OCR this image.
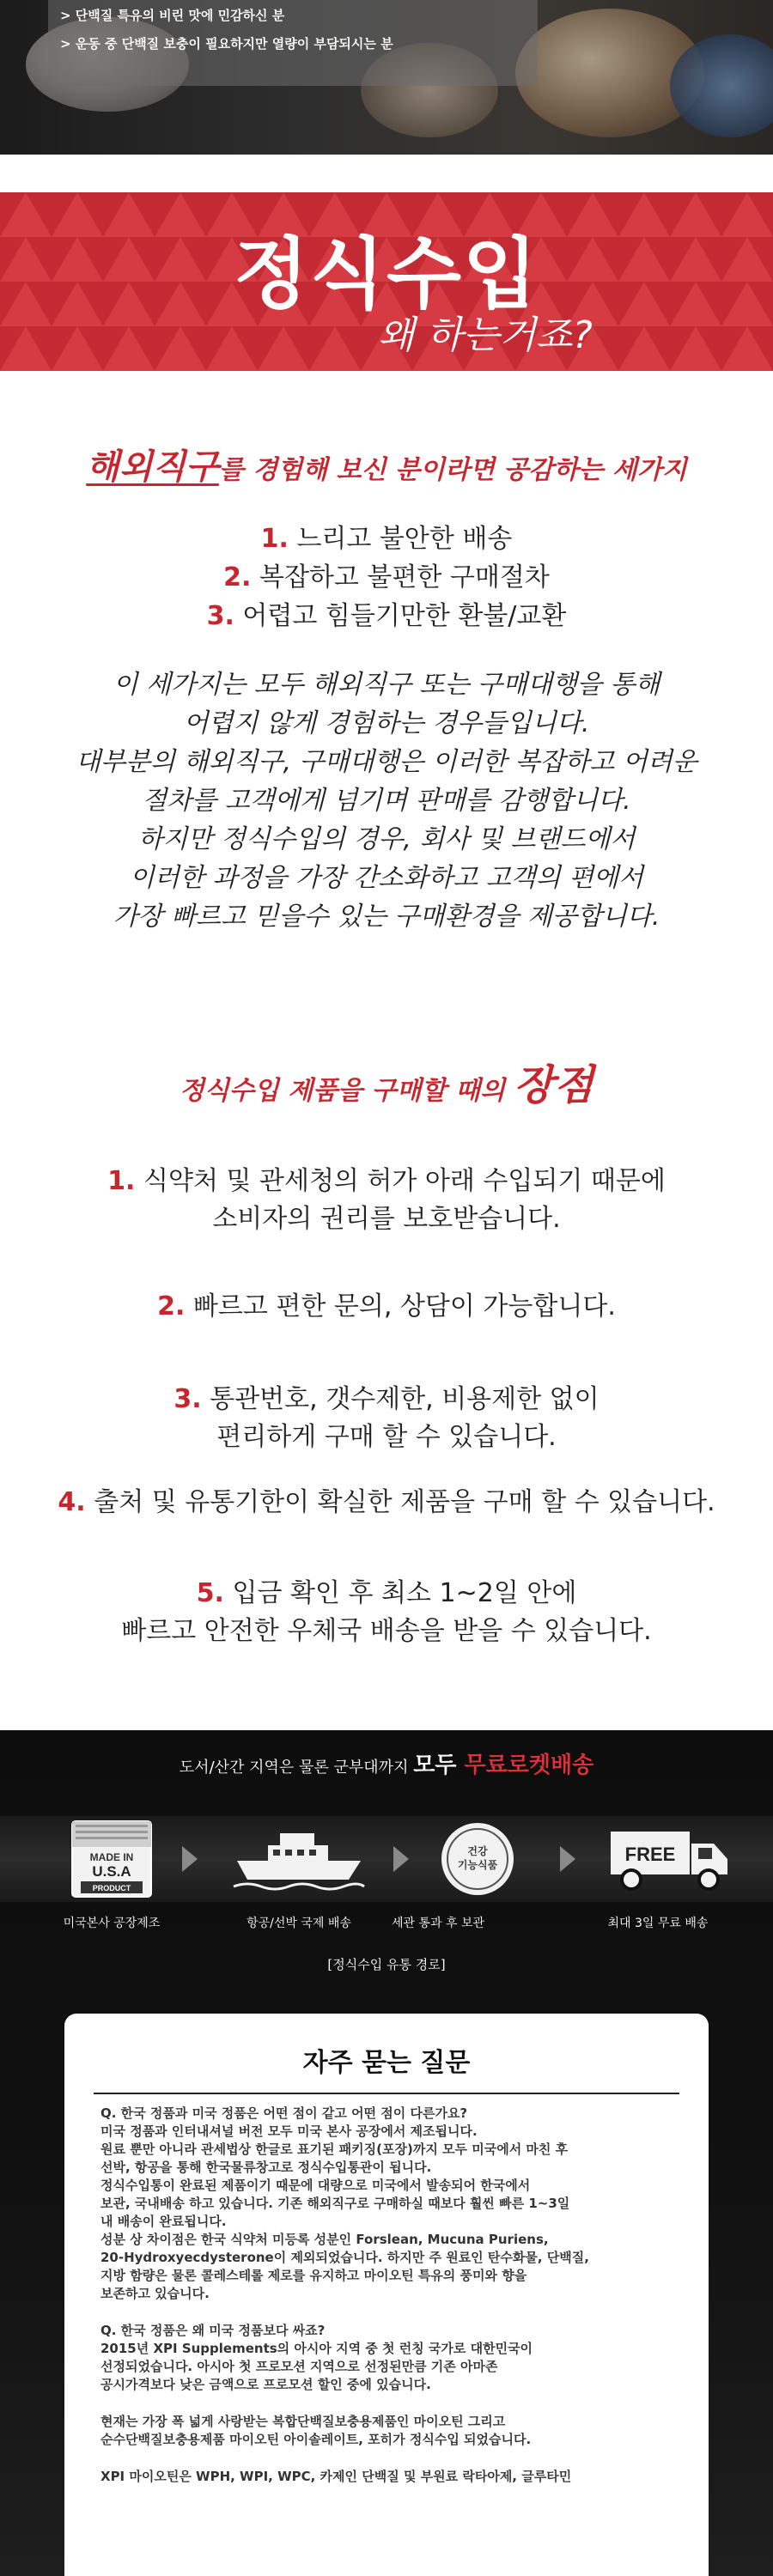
> 단백질 특유의 비린 맛에 민감하신 분

> 운동 중 단백질 보충이 필요하지만 열량이 부담되시는 분

정식수입
왜 하는거죠?
해외직구를 경험해 보신 분이라면 공감하는 세가지
1. 느리고 불안한 배송
2. 복잡하고 불편한 구매절차
3. 어렵고 힘들기만한 환불/교환
이 세가지는 모두 해외직구 또는 구매대행을 통해
어렵지 않게 경험하는 경우들입니다.
대부분의 해외직구, 구매대행은 이러한 복잡하고 어려운
절차를 고객에게 넘기며 판매를 감행합니다.
하지만 정식수입의 경우, 회사 및 브랜드에서
이러한 과정을 가장 간소화하고 고객의 편에서
가장 빠르고 믿을수 있는 구매환경을 제공합니다.
정식수입 제품을 구매할 때의 장점
1. 식약처 및 관세청의 허가 아래 수입되기 때문에
소비자의 권리를 보호받습니다.
2. 빠르고 편한 문의, 상담이 가능합니다.
3. 통관번호, 갯수제한, 비용제한 없이
편리하게 구매 할 수 있습니다.
4. 출처 및 유통기한이 확실한 제품을 구매 할 수 있습니다.
5. 입금 확인 후 최소 1~2일 안에
빠르고 안전한 우체국 배송을 받을 수 있습니다.
도서/산간 지역은 물론 군부대까지 모두 무료로켓배송
MADE IN
U.S.A
PRODUCT
건강
기능식품	FREE
미국본사 공장제조	항공/선박 국제 배송	세관 통과 후 보관	최대 3일 무료 배송
[정식수입 유통 경로]
자주 묻는 질문

Q. 한국 정품과 미국 정품은 어떤 점이 같고 어떤 점이 다른가요?

미국 정품과 인터내셔널 버전 모두 미국 본사 공장에서 제조됩니다.

원료 뿐만 아니라 관세법상 한글로 표기된 패키징(포장)까지 모두 미국에서 마친 후

선박, 항공을 통해 한국물류창고로 정식수입통관이 됩니다.

정식수입통이 완료된 제품이기 때문에 대량으로 미국에서 발송되어 한국에서

보관, 국내배송 하고 있습니다. 기존 해외직구로 구매하실 때보다 훨씬 빠른 1~3일

내 배송이 완료됩니다.

성분 상 차이점은 한국 식약처 미등록 성분인 Forslean, Mucuna Puriens,

20-Hydroxyecdysterone이 제외되었습니다. 하지만 주 원료인 탄수화물, 단백질,

지방 함량은 물론 콜레스테롤 제로를 유지하고 마이오틴 특유의 풍미와 향을

보존하고 있습니다.

Q. 한국 정품은 왜 미국 정품보다 싸죠?

2015년 XPI Supplements의 아시아 지역 중 첫 런칭 국가로 대한민국이

선정되었습니다. 아시아 첫 프로모션 지역으로 선정된만큼 기존 아마존

공시가격보다 낮은 금액으로 프로모션 할인 중에 있습니다.

현재는 가장 폭 넓게 사랑받는 복합단백질보충용제품인 마이오틴 그리고

순수단백질보충용제품 마이오틴 아이솔레이트, 포히가 정식수입 되었습니다.

XPI 마이오틴은 WPH, WPI, WPC, 카제인 단백질 및 부원료 락타아제, 글루타민
